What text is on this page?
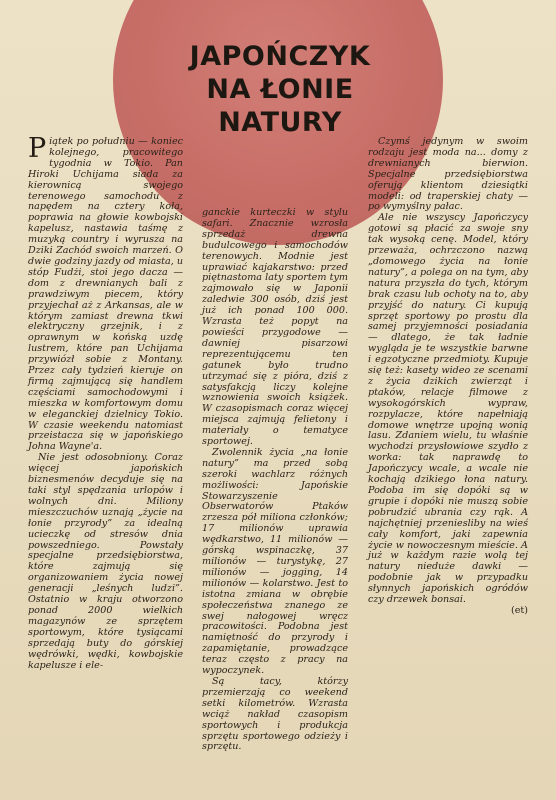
JAPOŃCZYK
NA ŁONIE NATURY

Piątek po południu — koniec kolejnego, pracowitego tygodnia w Tokio. Pan Hiroki Uchijama siada za kierownicą swojego terenowego samochodu z napędem na cztery koła, poprawia na głowie kowbojski kapelusz, nastawia taśmę z muzyką country i wyrusza na Dziki Zachód swoich marzeń. O dwie godziny jazdy od miasta, u stóp Fudżi, stoi jego dacza — dom z drewnianych bali z prawdziwym piecem, który przyjechał aż z Arkansas, ale w którym zamiast drewna tkwi elektryczny grzejnik, i z oprawnym w końską uzdę lustrem, które pan Uchijama przywiózł sobie z Montany. Przez cały tydzień kieruje on firmą zajmującą się handlem częściami samochodowymi i mieszka w komfortowym domu w eleganckiej dzielnicy Tokio. W czasie weekendu natomiast przeistacza się w japońskiego Johna Wayne'a.

Nie jest odosobniony. Coraz więcej japońskich biznesmenów decyduje się na taki styl spędzania urlopów i wolnych dni. Miliony mieszczuchów uznają „życie na łonie przyrody” za idealną ucieczkę od stresów dnia powszedniego. Powstały specjalne przedsiębiorstwa, które zajmują się organizowaniem życia nowej generacji „leśnych ludzi”. Ostatnio w kraju otworzono ponad 2000 wielkich magazynów ze sprzętem sportowym, które tysiącami sprzedają buty do górskiej wędrówki, wędki, kowbojskie kapelusze i ele-

ganckie kurteczki w stylu safari. Znacznie wzrosła sprzedaż drewna budulcowego i samochodów terenowych. Modnie jest uprawiać kajakarstwo: przed piętnastoma laty sportem tym zajmowało się w Japonii zaledwie 300 osób, dziś jest już ich ponad 100 000. Wzrasta też popyt na powieści przygodowe — dawniej pisarzowi reprezentującemu ten gatunek było trudno utrzymać się z pióra, dziś z satysfakcją liczy kolejne wznowienia swoich książek. W czasopismach coraz więcej miejsca zajmują felietony i materiały o tematyce sportowej.

Zwolennik życia „na łonie natury” ma przed sobą szeroki wachlarz różnych możliwości: Japońskie Stowarzyszenie Obserwatorów Ptaków zrzesza pół miliona członków; 17 milionów uprawia wędkarstwo, 11 milionów — górską wspinaczkę, 37 milionów — turystykę, 27 milionów — jogging, 14 milionów — kolarstwo. Jest to istotna zmiana w obrębie społeczeństwa znanego ze swej nałogowej wręcz pracowitości. Podobna jest namiętność do przyrody i zapamiętanie, prowadzące teraz często z pracy na wypoczynek.

Są tacy, którzy przemierzają co weekend setki kilometrów. Wzrasta wciąż nakład czasopism sportowych i produkcja sprzętu sportowego odzieży i sprzętu.

Czymś jedynym w swoim rodzaju jest moda na... domy z drewnianych bierwion. Specjalne przedsiębiorstwa oferują klientom dziesiątki modeli: od traperskiej chaty — po wymyślny pałac.

Ale nie wszyscy Japończycy gotowi są płacić za swoje sny tak wysoką cenę. Model, który przeważa, ochrzczono nazwą „domowego życia na łonie natury”, a polega on na tym, aby natura przyszła do tych, którym brak czasu lub ochoty na to, aby przyjść do natury. Ci kupują sprzęt sportowy po prostu dla samej przyjemności posiadania — dlatego, że tak ładnie wygląda je te wszystkie barwne i egzotyczne przedmioty. Kupuje się też: kasety wideo ze scenami z życia dzikich zwierząt i ptaków, relacje filmowe z wysokogórskich wypraw, rozpylacze, które napełniają domowe wnętrze upojną wonią lasu. Zdaniem wielu, tu właśnie wychodzi przysłowiowe szydło z worka: tak naprawdę to Japończycy wcale, a wcale nie kochają dzikiego łona natury. Podoba im się dopóki są w grupie i dopóki nie muszą sobie pobrudzić ubrania czy rąk. A najchętniej przeniesliby na wieś cały komfort, jaki zapewnia życie w nowoczesnym mieście. A już w każdym razie wolą tej natury nieduże dawki — podobnie jak w przypadku słynnych japońskich ogródów czy drzewek bonsai.

(et)
